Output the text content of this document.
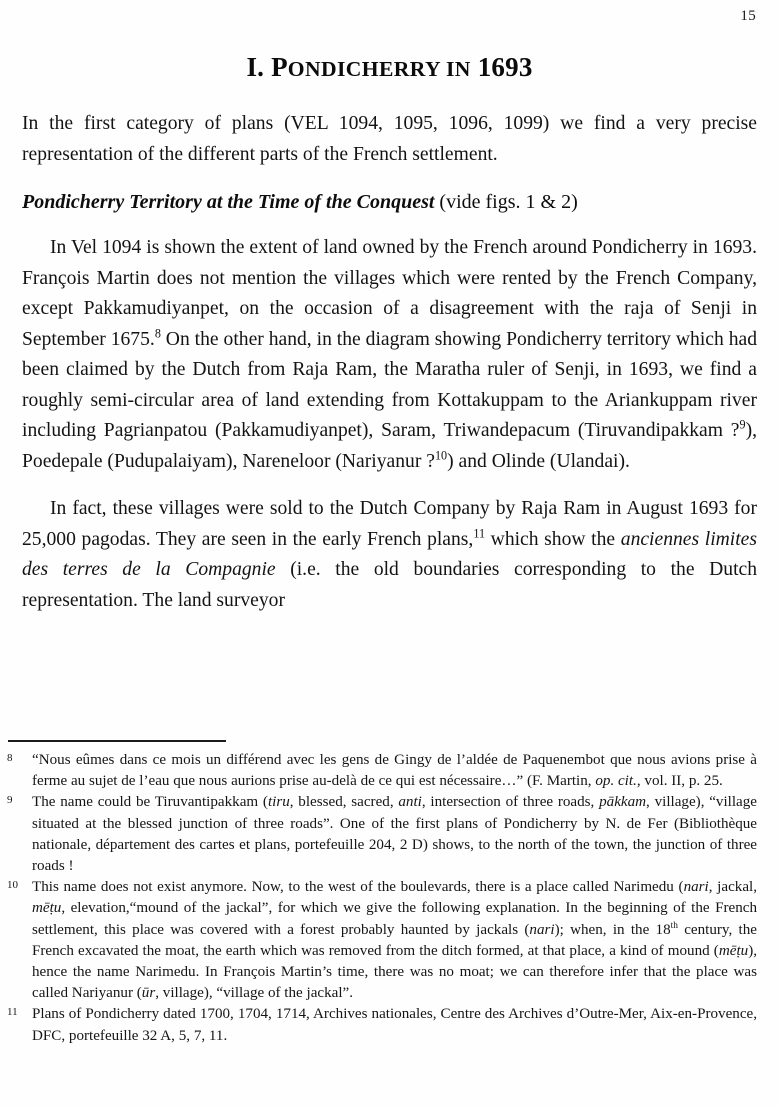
15
I. PONDICHERRY IN 1693

In the first category of plans (VEL 1094, 1095, 1096, 1099) we find a very precise representation of the different parts of the French settlement.

Pondicherry Territory at the Time of the Conquest (vide figs. 1 & 2)

In Vel 1094 is shown the extent of land owned by the French around Pondicherry in 1693. François Martin does not mention the villages which were rented by the French Company, except Pakkamudiyanpet, on the occasion of a disagreement with the raja of Senji in September 1675.$^8$ On the other hand, in the diagram showing Pondicherry territory which had been claimed by the Dutch from Raja Ram, the Maratha ruler of Senji, in 1693, we find a roughly semi-circular area of land extending from Kottakuppam to the Ariankuppam river including Pagrianpatou (Pakkamudiyanpet), Saram, Triwandepacum (Tiruvandipakkam ?$^9$), Poedepale (Pudupalaiyam), Nareneloor (Nariyanur ?$^{10}$) and Olinde (Ulandai).

In fact, these villages were sold to the Dutch Company by Raja Ram in August 1693 for 25,000 pagodas. They are seen in the early French plans,$^{11}$ which show the anciennes limites des terres de la Compagnie (i.e. the old boundaries corresponding to the Dutch representation. The land surveyor

8 “Nous eûmes dans ce mois un différend avec les gens de Gingy de l’aldée de Paquenembot que nous avions prise à ferme au sujet de l’eau que nous aurions prise au-delà de ce qui est nécessaire…” (F. Martin, op. cit., vol. II, p. 25.
9 The name could be Tiruvantipakkam (tiru, blessed, sacred, anti, intersection of three roads, pākkam, village), “village situated at the blessed junction of three roads”. One of the first plans of Pondicherry by N. de Fer (Bibliothèque nationale, département des cartes et plans, portefeuille 204, 2 D) shows, to the north of the town, the junction of three roads !
10 This name does not exist anymore. Now, to the west of the boulevards, there is a place called Narimedu (nari, jackal, mēṭu, elevation,“mound of the jackal”, for which we give the following explanation. In the beginning of the French settlement, this place was covered with a forest probably haunted by jackals (nari); when, in the 18th century, the French excavated the moat, the earth which was removed from the ditch formed, at that place, a kind of mound (mēṭu), hence the name Narimedu. In François Martin’s time, there was no moat; we can therefore infer that the place was called Nariyanur (ūr, village), “village of the jackal”.
11 Plans of Pondicherry dated 1700, 1704, 1714, Archives nationales, Centre des Archives d’Outre-Mer, Aix-en-Provence, DFC, portefeuille 32 A, 5, 7, 11.
